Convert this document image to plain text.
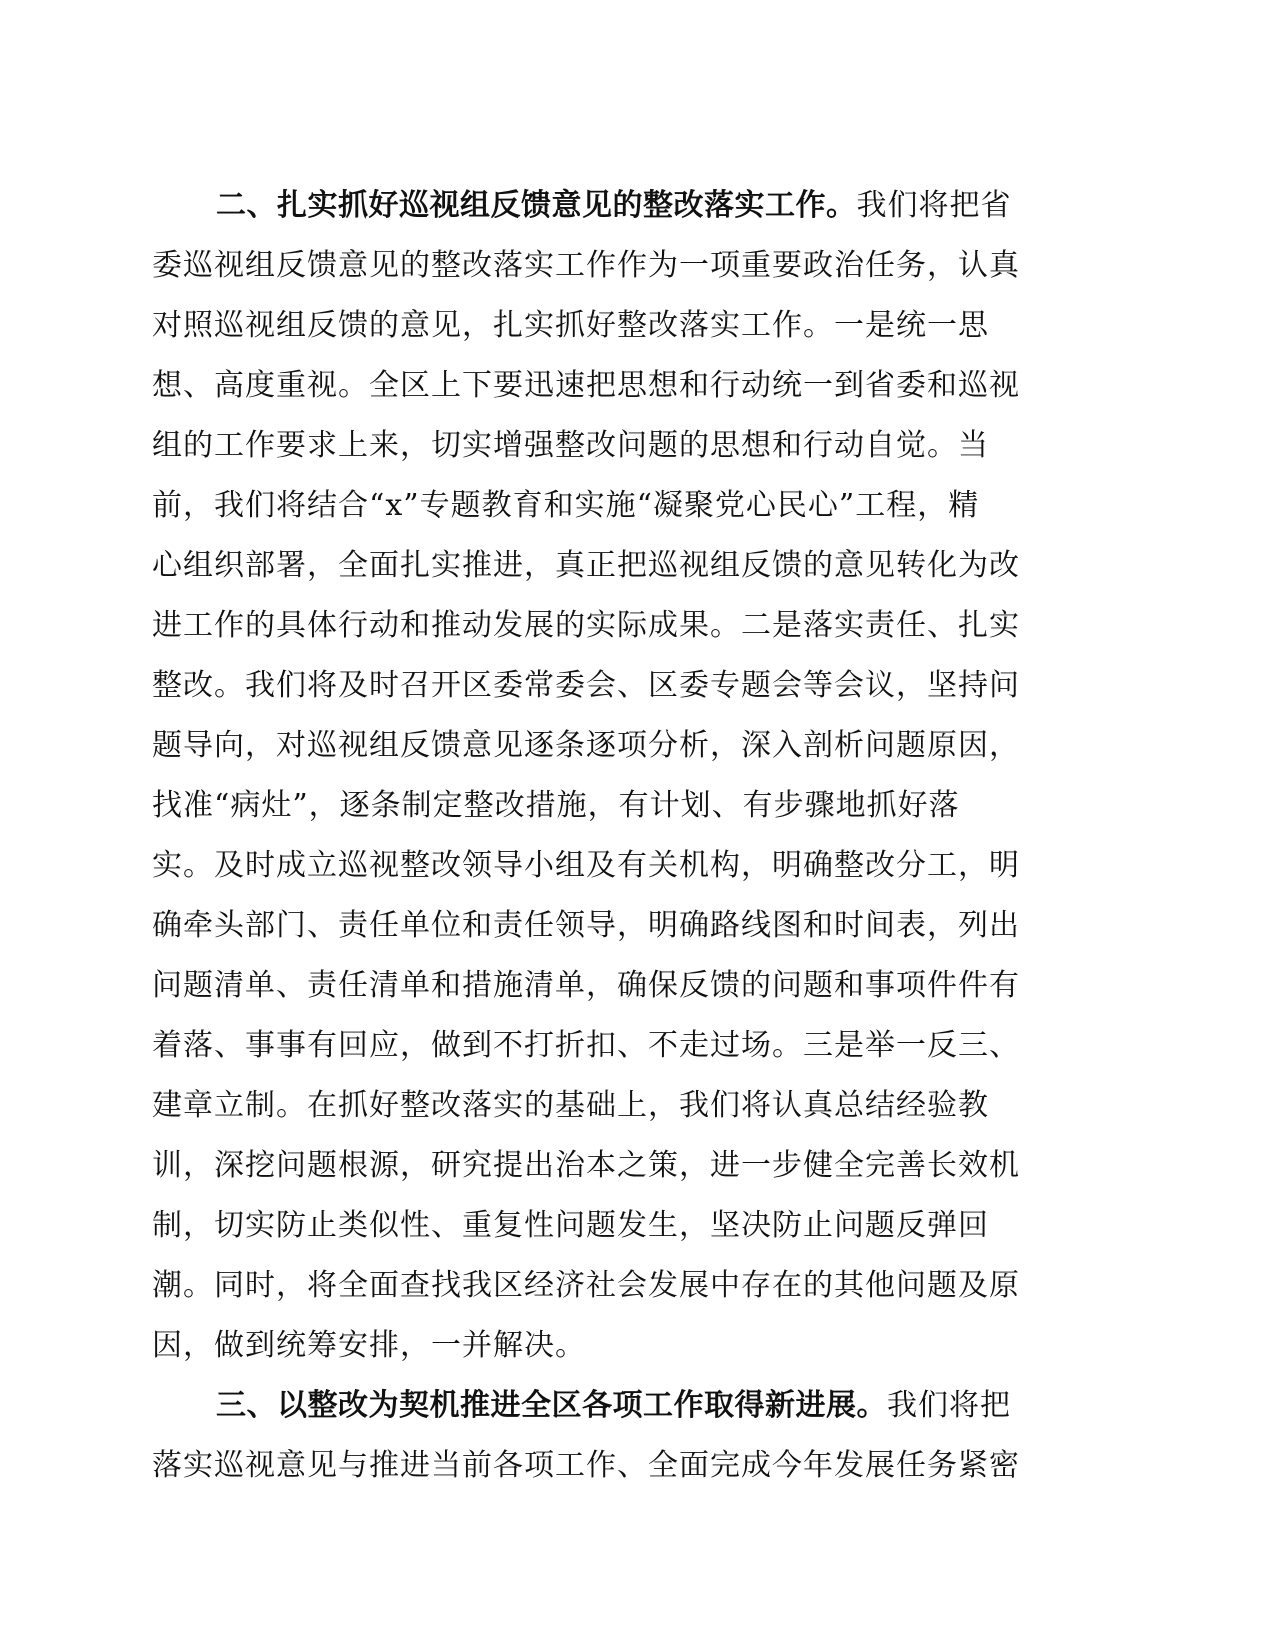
二、扎实抓好巡视组反馈意见的整改落实工作。我们将把省
委巡视组反馈意见的整改落实工作作为一项重要政治任务，认真
对照巡视组反馈的意见，扎实抓好整改落实工作。一是统一思
想、高度重视。全区上下要迅速把思想和行动统一到省委和巡视
组的工作要求上来，切实增强整改问题的思想和行动自觉。当
前，我们将结合“x”专题教育和实施“凝聚党心民心”工程，精
心组织部署，全面扎实推进，真正把巡视组反馈的意见转化为改
进工作的具体行动和推动发展的实际成果。二是落实责任、扎实
整改。我们将及时召开区委常委会、区委专题会等会议，坚持问
题导向，对巡视组反馈意见逐条逐项分析，深入剖析问题原因，
找准“病灶”，逐条制定整改措施，有计划、有步骤地抓好落
实。及时成立巡视整改领导小组及有关机构，明确整改分工，明
确牵头部门、责任单位和责任领导，明确路线图和时间表，列出
问题清单、责任清单和措施清单，确保反馈的问题和事项件件有
着落、事事有回应，做到不打折扣、不走过场。三是举一反三、
建章立制。在抓好整改落实的基础上，我们将认真总结经验教
训，深挖问题根源，研究提出治本之策，进一步健全完善长效机
制，切实防止类似性、重复性问题发生，坚决防止问题反弹回
潮。同时，将全面查找我区经济社会发展中存在的其他问题及原
因，做到统筹安排，一并解决。
三、以整改为契机推进全区各项工作取得新进展。我们将把
落实巡视意见与推进当前各项工作、全面完成今年发展任务紧密
